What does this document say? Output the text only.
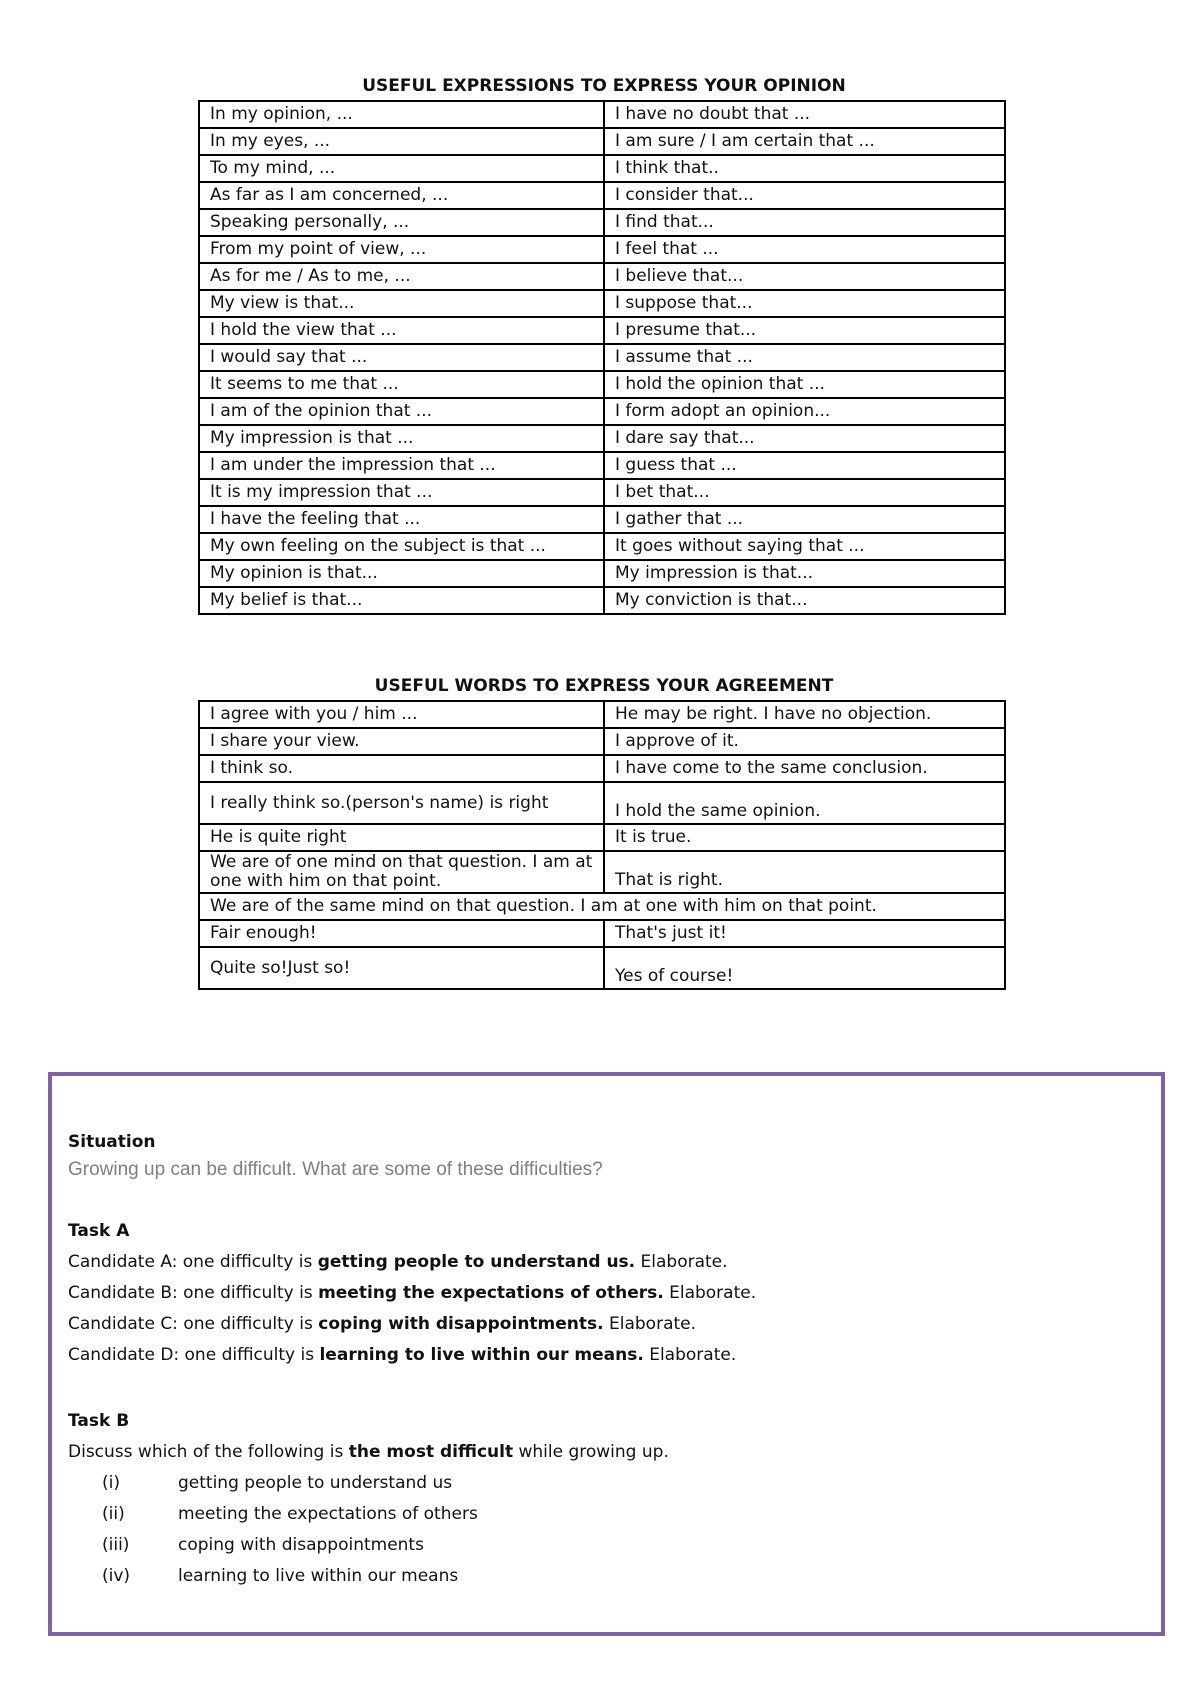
USEFUL EXPRESSIONS TO EXPRESS YOUR OPINION
In my opinion, ...	I have no doubt that ...
In my eyes, ...	I am sure / I am certain that ...
To my mind, ...	I think that..
As far as I am concerned, ...	I consider that...
Speaking personally, ...	I find that...
From my point of view, ...	I feel that ...
As for me / As to me, ...	I believe that...
My view is that...	I suppose that...
I hold the view that ...	I presume that...
I would say that ...	I assume that ...
It seems to me that ...	I hold the opinion that ...
I am of the opinion that ...	I form adopt an opinion...
My impression is that ...	I dare say that...
I am under the impression that ...	I guess that ...
It is my impression that ...	I bet that...
I have the feeling that ...	I gather that ...
My own feeling on the subject is that ...	It goes without saying that ...
My opinion is that...	My impression is that...
My belief is that...	My conviction is that...
USEFUL WORDS TO EXPRESS YOUR AGREEMENT
I agree with you / him ...	He may be right. I have no objection.
I share your view.	I approve of it.
I think so.	I have come to the same conclusion.
I really think so.(person's name) is right	I hold the same opinion.
He is quite right	It is true.
We are of one mind on that question. I am at one with him on that point.	That is right.
We are of the same mind on that question. I am at one with him on that point.	
Fair enough!	That's just it!
Quite so!Just so!	Yes of course!
Situation
Growing up can be difficult. What are some of these difficulties?
Task A
Candidate A: one difficulty is getting people to understand us. Elaborate.
Candidate B: one difficulty is meeting the expectations of others. Elaborate.
Candidate C: one difficulty is coping with disappointments. Elaborate.
Candidate D: one difficulty is learning to live within our means. Elaborate.
Task B
Discuss which of the following is the most difficult while growing up.
(i)	getting people to understand us
(ii)	meeting the expectations of others
(iii)	coping with disappointments
(iv)	learning to live within our means
